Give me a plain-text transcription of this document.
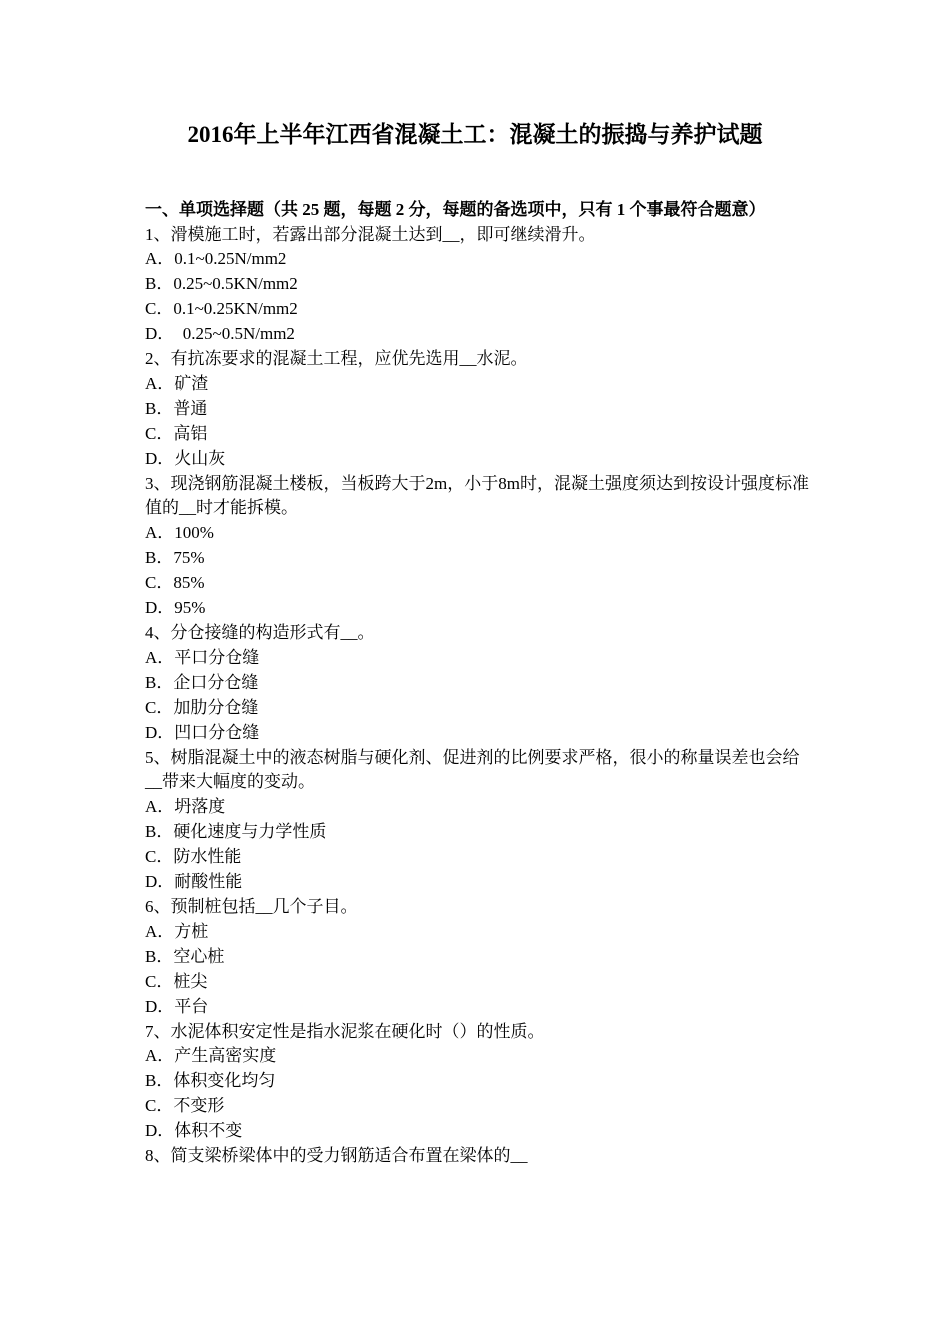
2016年上半年江西省混凝土工：混凝土的振捣与养护试题
一、单项选择题（共 25 题，每题 2 分，每题的备选项中，只有 1 个事最符合题意）
1、滑模施工时，若露出部分混凝土达到__，即可继续滑升。
A．0.1~0.25N/mm2
B．0.25~0.5KN/mm2
C．0.1~0.25KN/mm2
D．  0.25~0.5N/mm2
2、有抗冻要求的混凝土工程，应优先选用__水泥。
A．矿渣
B．普通
C．高铝
D．火山灰
3、现浇钢筋混凝土楼板，当板跨大于2m，小于8m时，混凝土强度须达到按设计强度标准值的__时才能拆模。
A．100%
B．75%
C．85%
D．95%
4、分仓接缝的构造形式有__。
A．平口分仓缝
B．企口分仓缝
C．加肋分仓缝
D．凹口分仓缝
5、树脂混凝土中的液态树脂与硬化剂、促进剂的比例要求严格，很小的称量误差也会给__带来大幅度的变动。
A．坍落度
B．硬化速度与力学性质
C．防水性能
D．耐酸性能
6、预制桩包括__几个子目。
A．方桩
B．空心桩
C．桩尖
D．平台
7、水泥体积安定性是指水泥浆在硬化时（）的性质。
A．产生高密实度
B．体积变化均匀
C．不变形
D．体积不变
8、简支梁桥梁体中的受力钢筋适合布置在梁体的__
